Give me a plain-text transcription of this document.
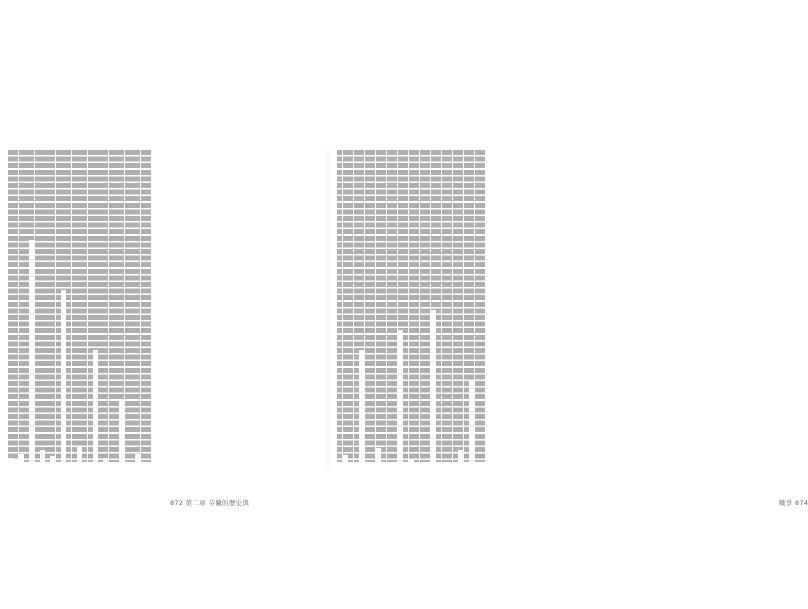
872 第二章 芬蘭的歷史與	戰爭 874
